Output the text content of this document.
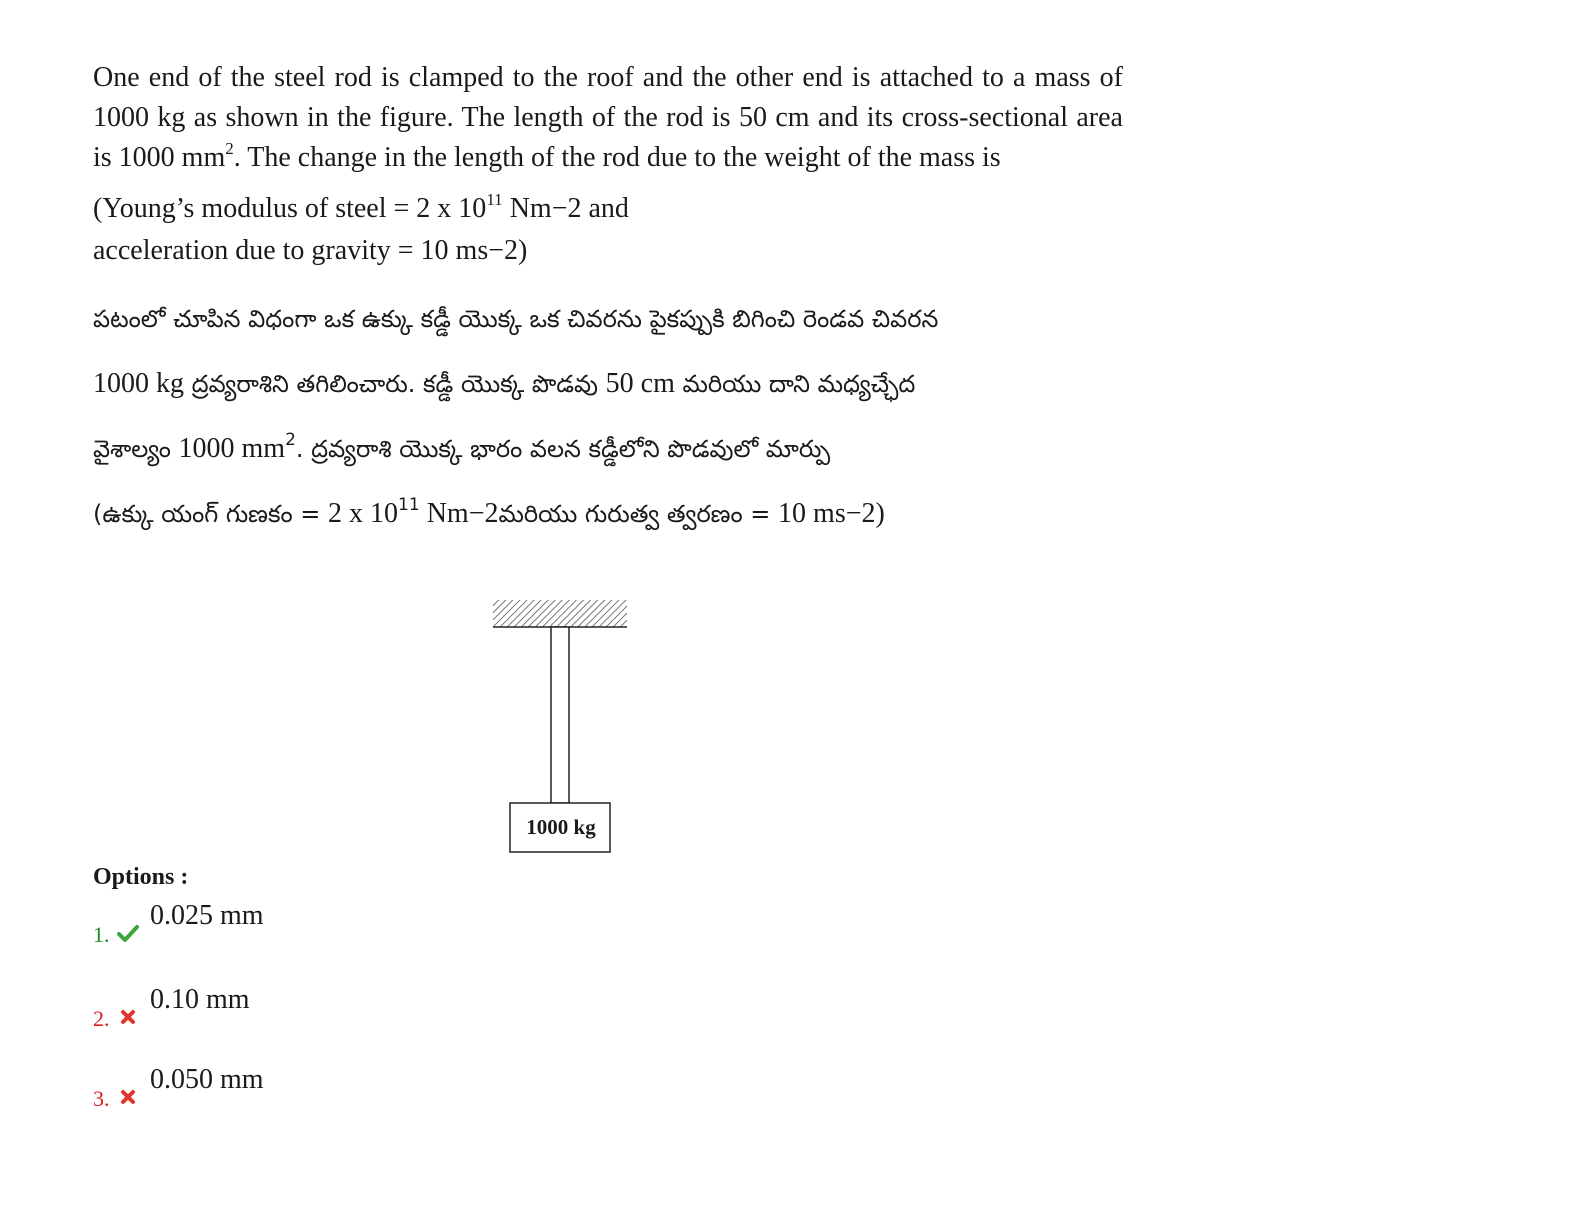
One end of the steel rod is clamped to the roof and the other end is attached to a mass of 1000 kg as shown in the figure. The length of the rod is 50 cm and its cross-sectional area is 1000 $mm^2$. The change in the length of the rod due to the weight of the mass is

(Young’s modulus of steel = 2 x $10^{11}$ Nm−2 and

acceleration due to gravity = 10 ms−2)

పటంలో చూపిన విధంగా ఒక ఉక్కు కడ్డీ యొక్క ఒక చివరను పైకప్పుకి బిగించి రెండవ చివరన

1000 kg ద్రవ్యరాశిని తగిలించారు. కడ్డీ యొక్క పొడవు 50 cm మరియు దాని మధ్యచ్ఛేద

వైశాల్యం 1000 $mm^2$. ద్రవ్యరాశి యొక్క భారం వలన కడ్డీలోని పొడవులో మార్పు

(ఉక్కు యంగ్ గుణకం = 2 x $10^{11}$ Nm−2మరియు గురుత్వ త్వరణం = 10 ms−2)

1000 kg

Options :

1.
0.025 mm
2.
0.10 mm
3.
0.050 mm
